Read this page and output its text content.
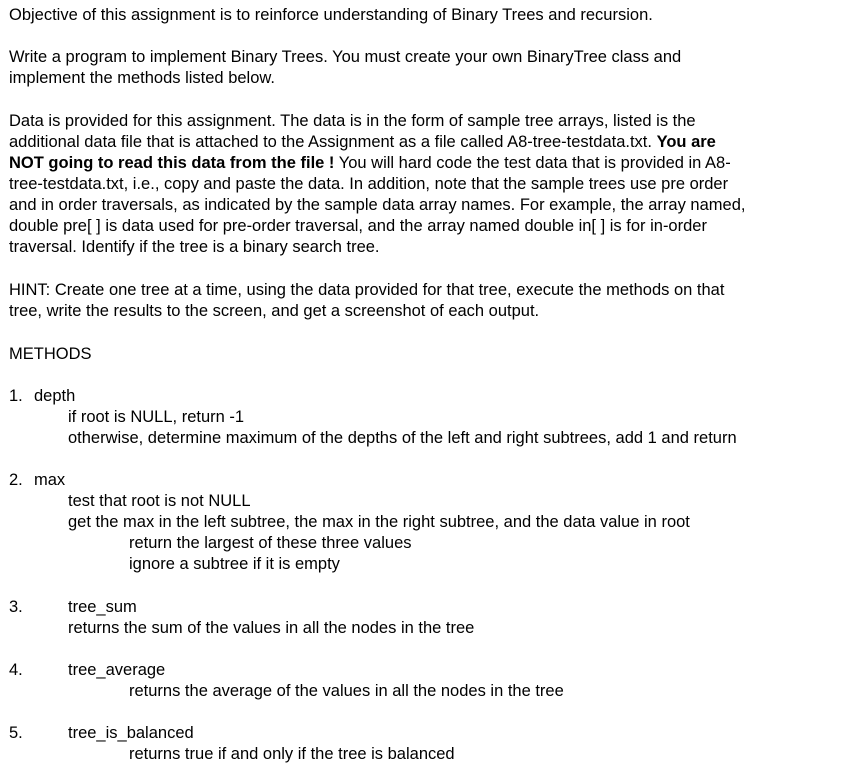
Objective of this assignment is to reinforce understanding of Binary Trees and recursion.
Write a program to implement Binary Trees. You must create your own BinaryTree class and
implement the methods listed below.
Data is provided for this assignment. The data is in the form of sample tree arrays, listed is the
additional data file that is attached to the Assignment as a file called A8-tree-testdata.txt. You are
NOT going to read this data from the file ! You will hard code the test data that is provided in A8-
tree-testdata.txt, i.e., copy and paste the data. In addition, note that the sample trees use pre order
and in order traversals, as indicated by the sample data array names. For example, the array named,
double pre[ ] is data used for pre-order traversal, and the array named double in[ ] is for in-order
traversal. Identify if the tree is a binary search tree.
HINT: Create one tree at a time, using the data provided for that tree, execute the methods on that
tree, write the results to the screen, and get a screenshot of each output.
METHODS
1. depth
if root is NULL, return -1
otherwise, determine maximum of the depths of the left and right subtrees, add 1 and return
2. max
test that root is not NULL
get the max in the left subtree, the max in the right subtree, and the data value in root
return the largest of these three values
ignore a subtree if it is empty
3.	tree_sum
returns the sum of the values in all the nodes in the tree
4.	tree_average
returns the average of the values in all the nodes in the tree
5.	tree_is_balanced
returns true if and only if the tree is balanced
